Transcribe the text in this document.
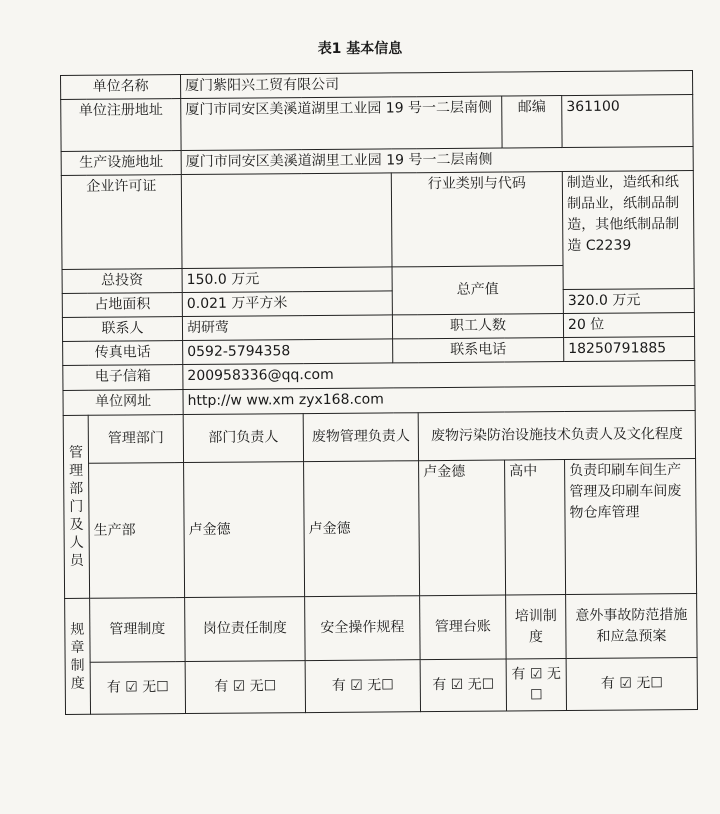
表1 基本信息
单位名称		厦门紫阳兴工贸有限公司					
单位注册地址		厦门市同安区美溪道湖里工业园 19 号一二层南侧				邮编	361100
生产设施地址		厦门市同安区美溪道湖里工业园 19 号一二层南侧					
企业许可证				行业类别与代码			制造业，造纸和纸制品业，纸制品制造，其他纸制品制造 C2239
总投资		150.0 万元		总产值			
占地面积		0.021 万平方米					320.0 万元
联系人		胡研莺		职工人数			20 位
传真电话		0592-5794358		联系电话			18250791885
电子信箱		200958336@qq.com					
单位网址		http://w ww.xm zyx168.com					

管理部门及人员	管理部门	部门负责人	废物管理负责人		废物污染防治设施技术负责人及文化程度		
	生产部	卢金德	卢金德		卢金德	高中	负责印刷车间生产管理及印刷车间废物仓库管理

规章制度	管理制度	岗位责任制度	安全操作规程		管理台账	培训制度	意外事故防范措施和应急预案
	有 ☑ 无☐	有 ☑ 无☐	有 ☑ 无☐		有 ☑ 无☐	有 ☑ 无☐	有 ☑ 无☐
